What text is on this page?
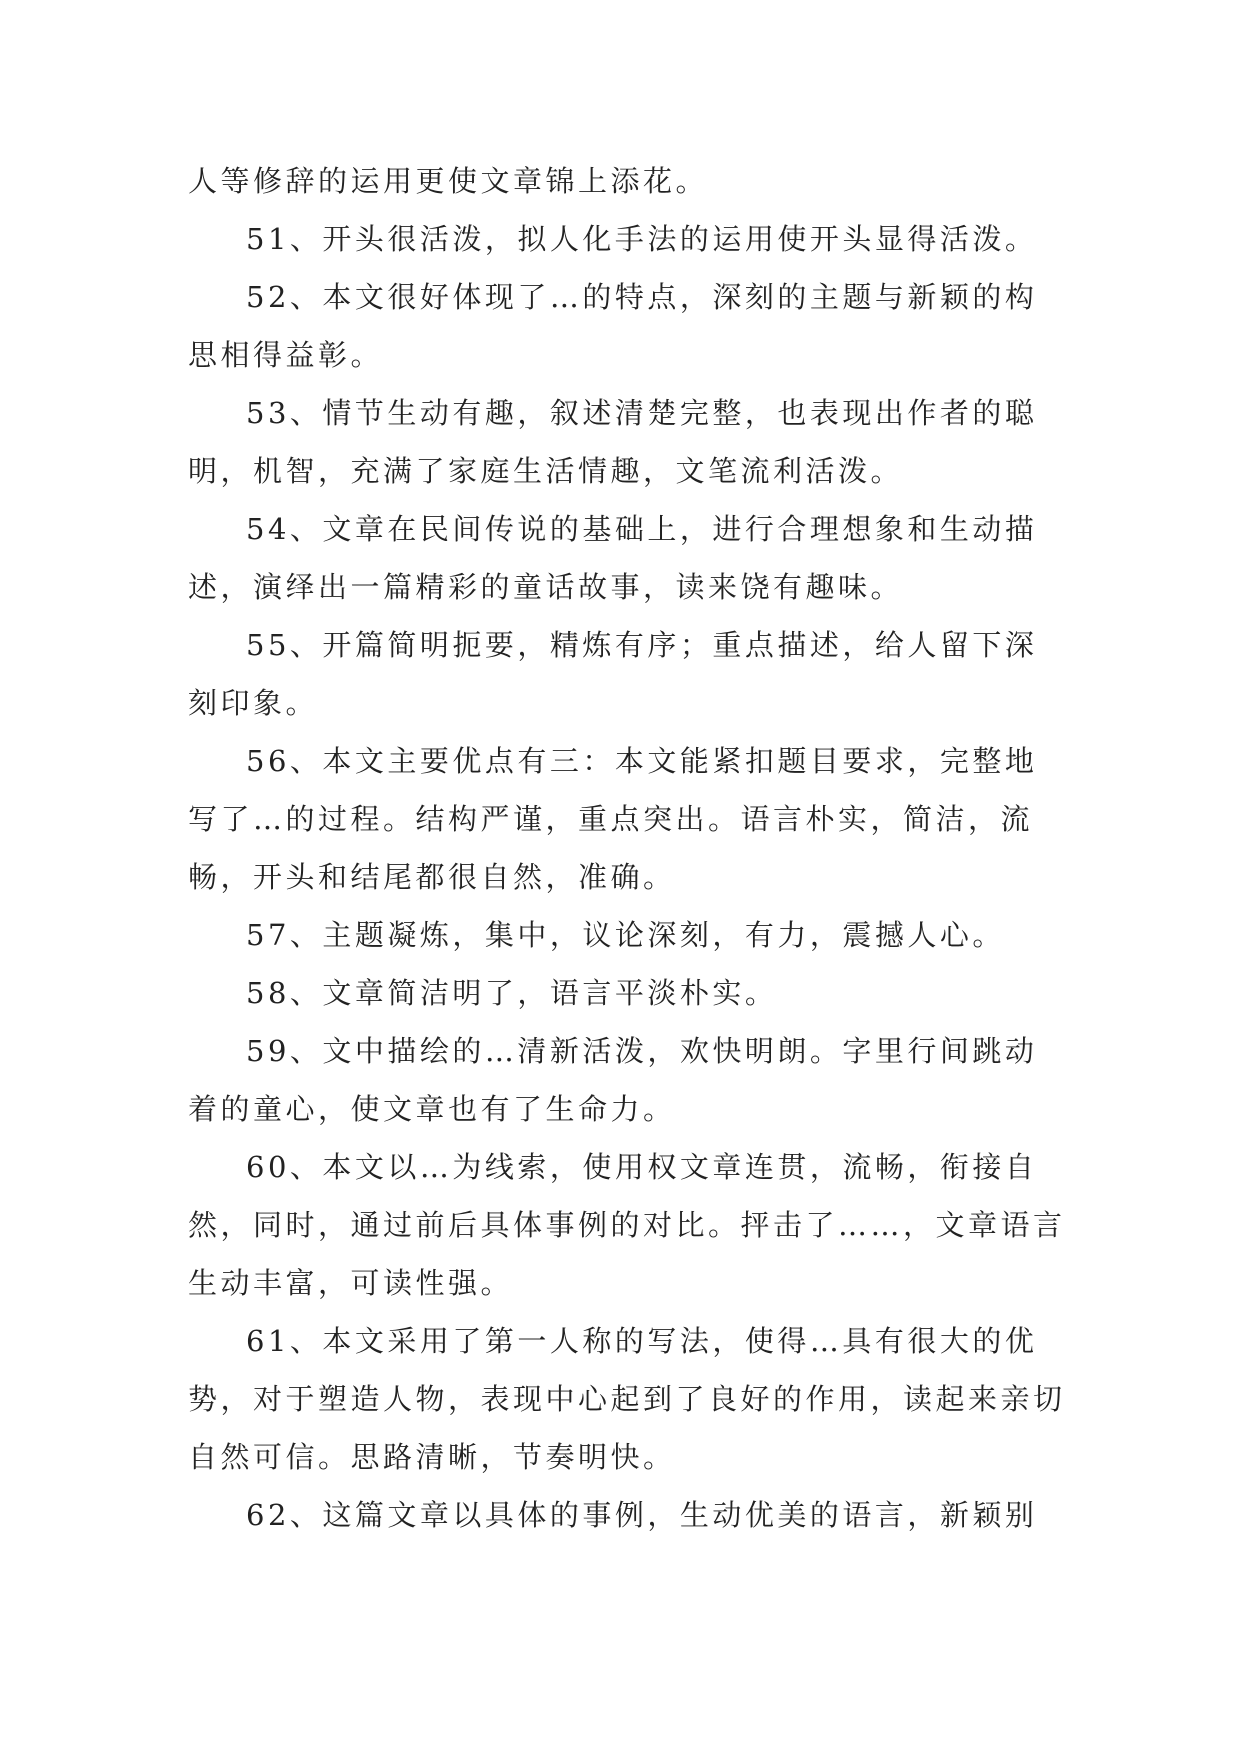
人等修辞的运用更使文章锦上添花。

51、开头很活泼，拟人化手法的运用使开头显得活泼。

52、本文很好体现了…的特点，深刻的主题与新颖的构思相得益彰。

53、情节生动有趣，叙述清楚完整，也表现出作者的聪明，机智，充满了家庭生活情趣，文笔流利活泼。

54、文章在民间传说的基础上，进行合理想象和生动描述，演绎出一篇精彩的童话故事，读来饶有趣味。

55、开篇简明扼要，精炼有序；重点描述，给人留下深刻印象。

56、本文主要优点有三：本文能紧扣题目要求，完整地写了…的过程。结构严谨，重点突出。语言朴实，简洁，流畅，开头和结尾都很自然，准确。

57、主题凝炼，集中，议论深刻，有力，震撼人心。

58、文章简洁明了，语言平淡朴实。

59、文中描绘的…清新活泼，欢快明朗。字里行间跳动着的童心，使文章也有了生命力。

60、本文以…为线索，使用权文章连贯，流畅，衔接自然，同时，通过前后具体事例的对比。抨击了……，文章语言生动丰富，可读性强。

61、本文采用了第一人称的写法，使得…具有很大的优势，对于塑造人物，表现中心起到了良好的作用，读起来亲切自然可信。思路清晰，节奏明快。

62、这篇文章以具体的事例，生动优美的语言，新颖别
